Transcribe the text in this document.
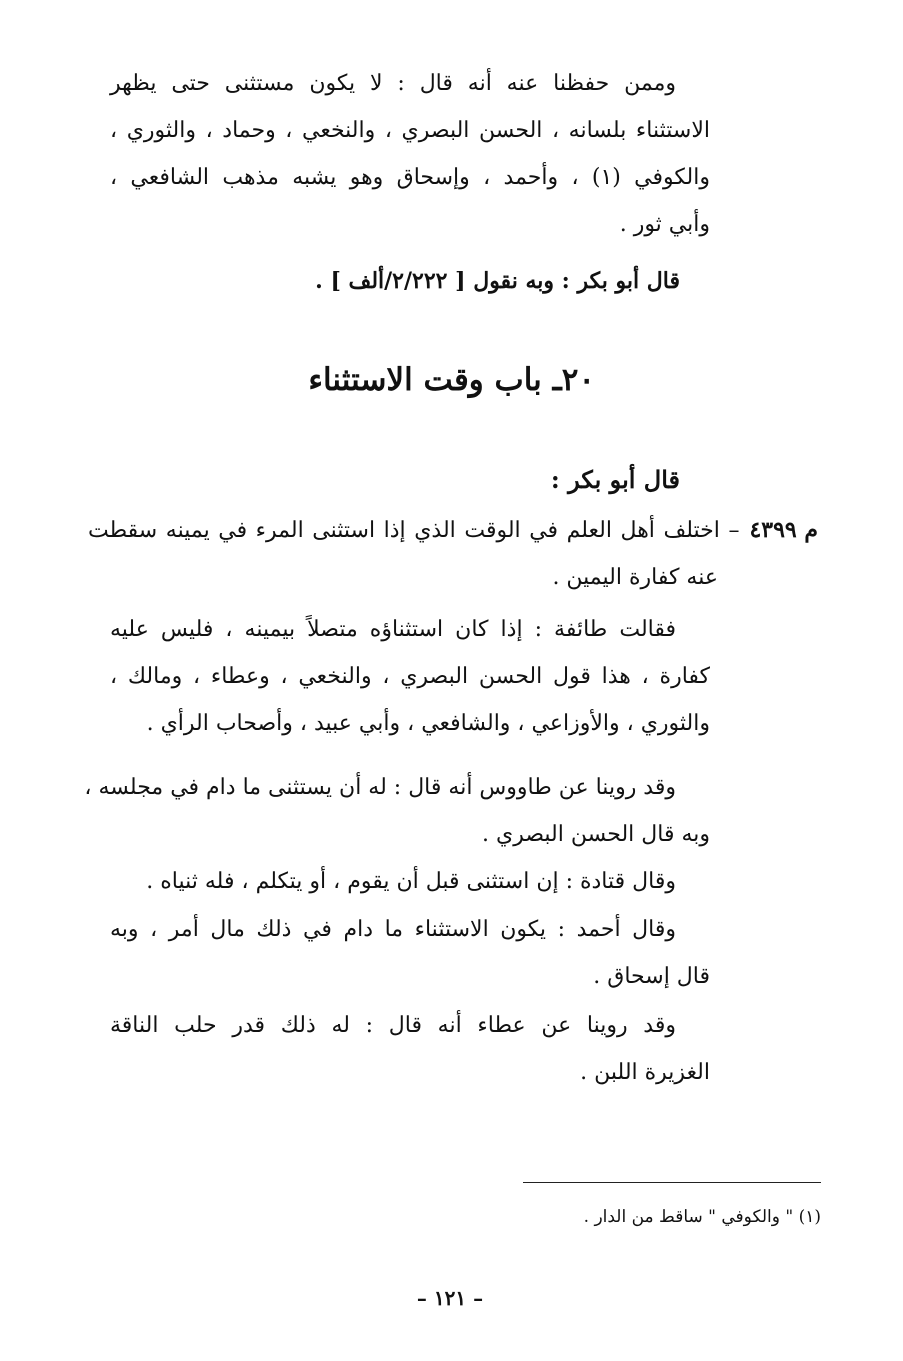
وممن حفظنا عنه أنه قال : لا يكون مستثنى حتى يظهر
الاستثناء بلسانه ، الحسن البصري ، والنخعي ، وحماد ، والثوري ،
والكوفي (١) ، وأحمد ، وإسحاق وهو يشبه مذهب الشافعي ،
وأبي ثور .
قال أبو بكر : وبه نقول [ ٢/٢٢٢/ألف ] .
٢٠ـ باب وقت الاستثناء
قال أبو بكر :
م ٤٣٩٩
– اختلف أهل العلم في الوقت الذي إذا استثنى المرء في يمينه سقطت
عنه كفارة اليمين .
فقالت طائفة : إذا كان استثناؤه متصلاً بيمينه ، فليس عليه
كفارة ، هذا قول الحسن البصري ، والنخعي ، وعطاء ، ومالك ،
والثوري ، والأوزاعي ، والشافعي ، وأبي عبيد ، وأصحاب الرأي .
وقد روينا عن طاووس أنه قال : له أن يستثنى ما دام في مجلسه ،
وبه قال الحسن البصري .
وقال قتادة : إن استثنى قبل أن يقوم ، أو يتكلم ، فله ثنياه .
وقال أحمد : يكون الاستثناء ما دام في ذلك مال أمر ، وبه
قال إسحاق .
وقد روينا عن عطاء أنه قال : له ذلك قدر حلب الناقة
الغزيرة اللبن .
(١) " والكوفي " ساقط من الدار .
– ١٢١ –
